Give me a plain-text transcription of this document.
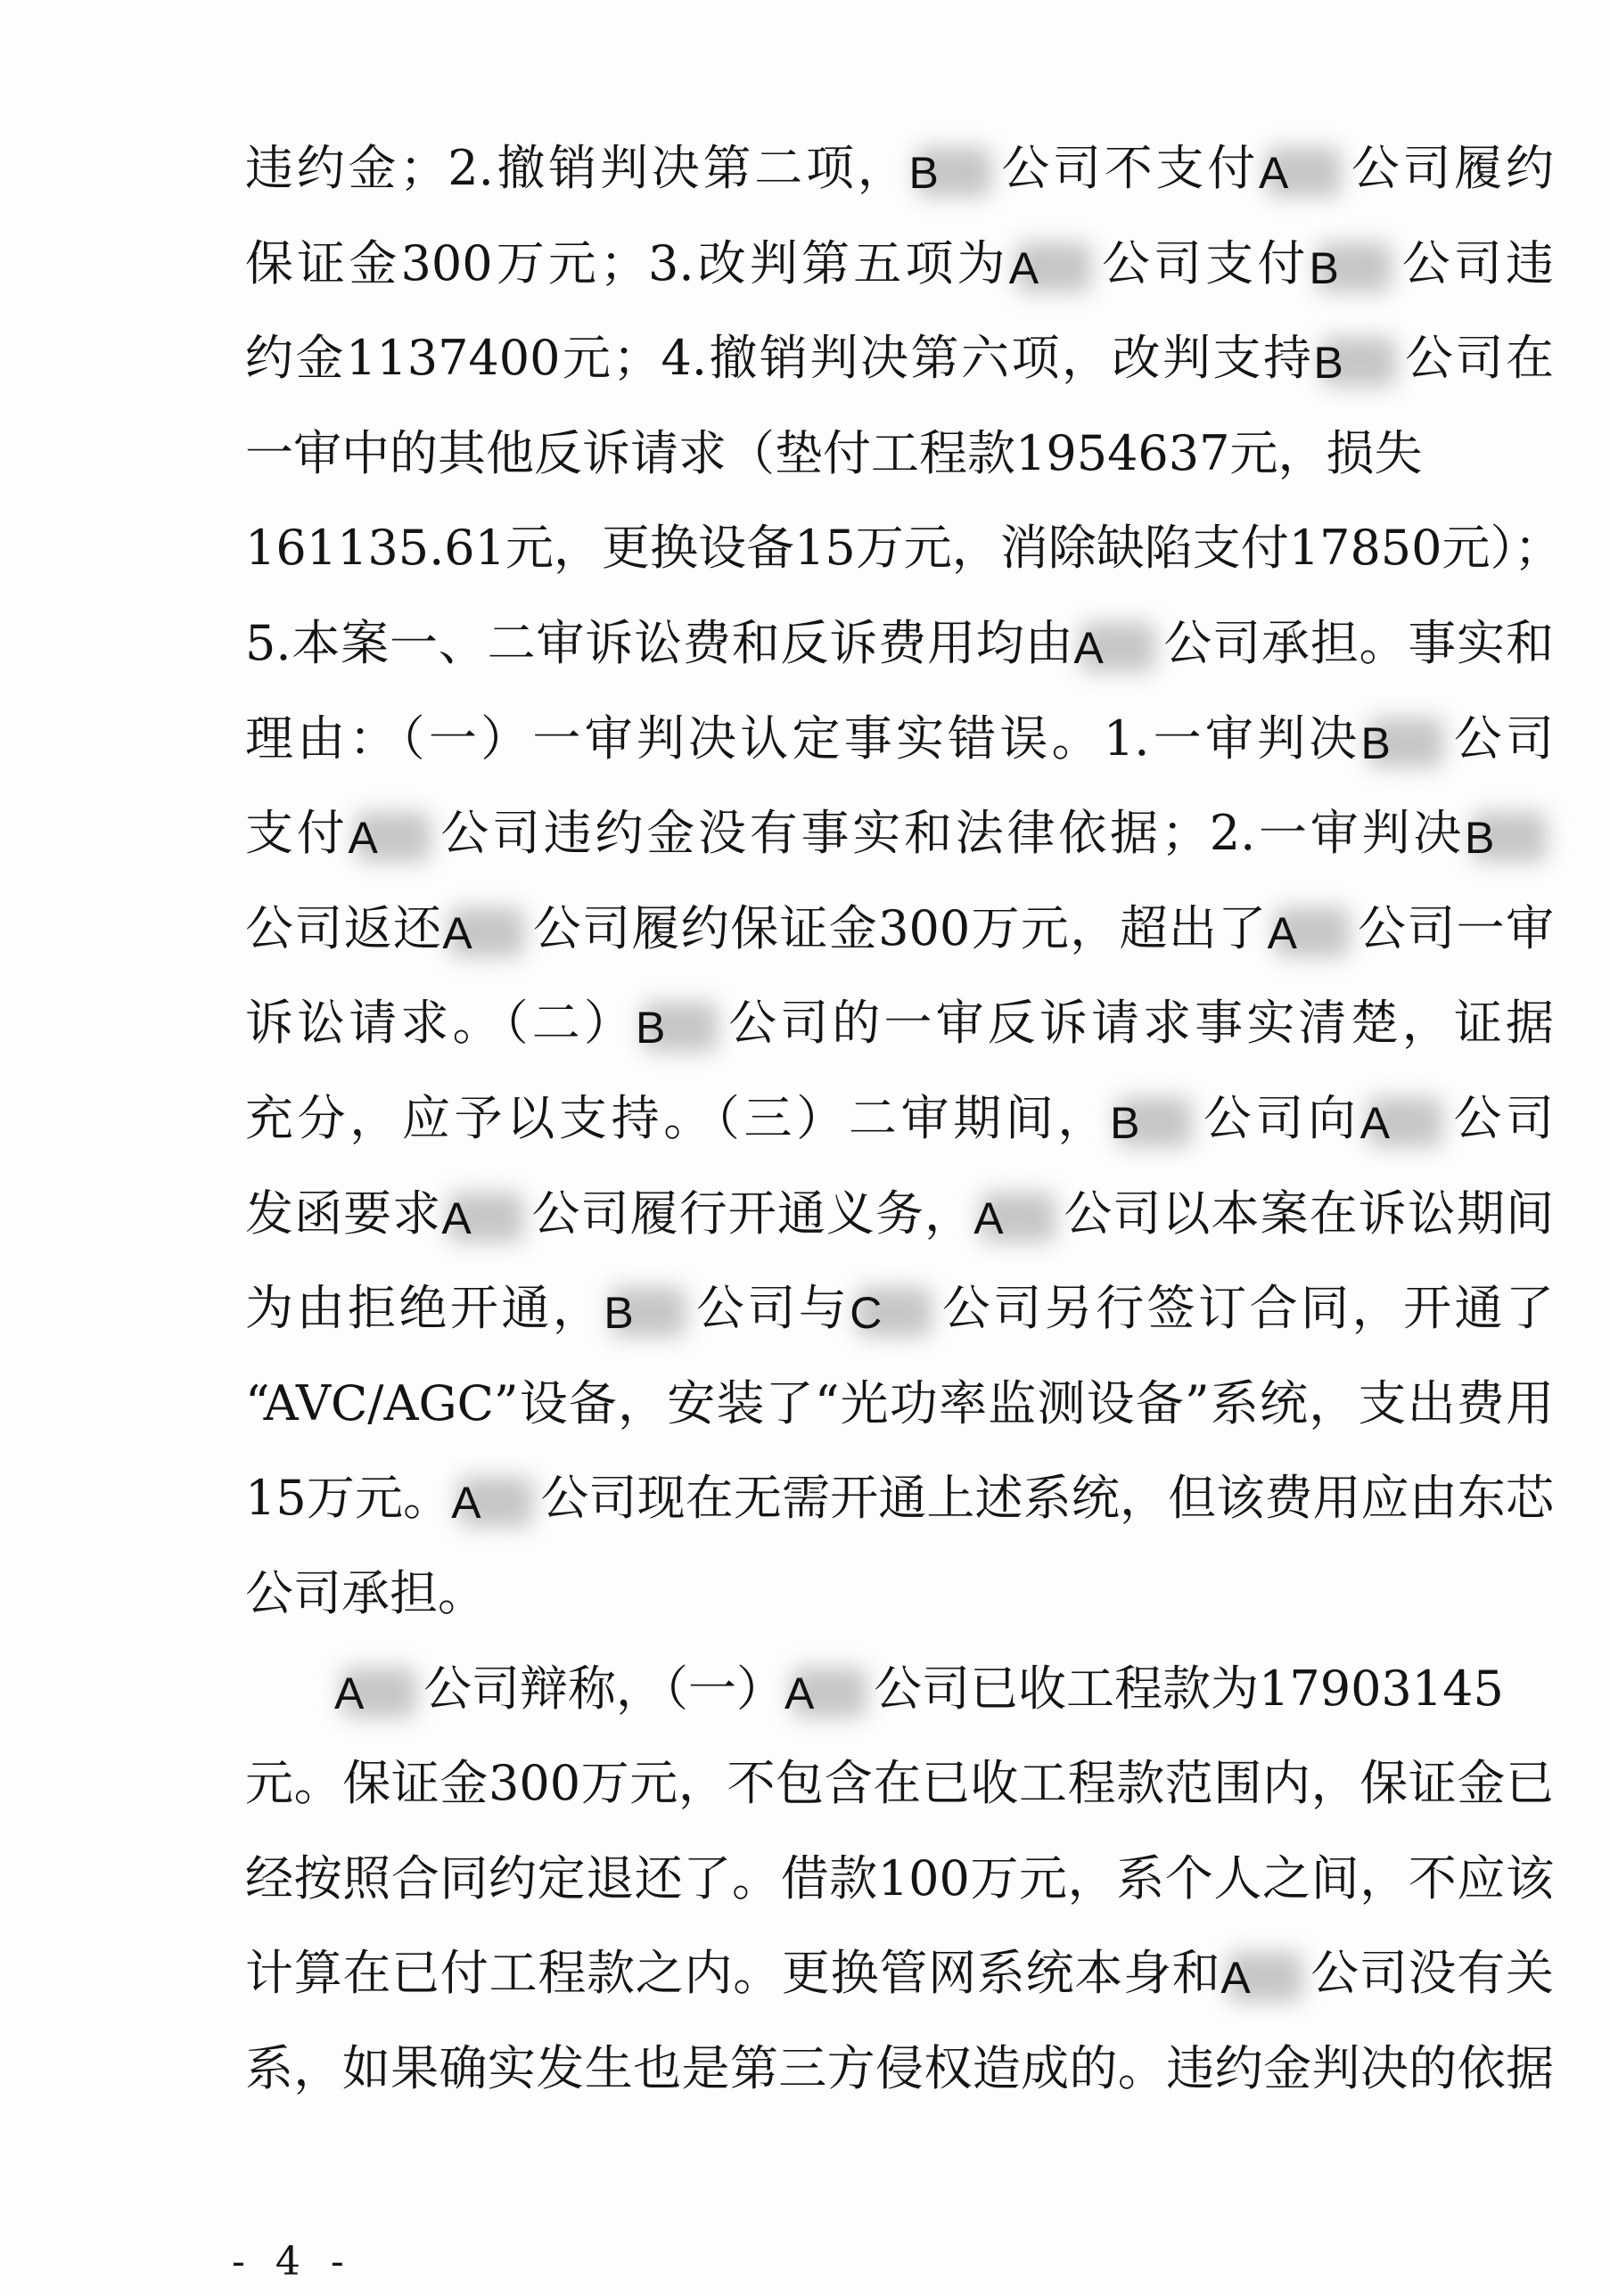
违约金；2.撤销判决第二项，
B 公司不支付
A 公司履约
保证金300万元；3.改判第五项为
A 公司支付
B 公司违
约金1137400元；4.撤销判决第六项，改判支持
B 公司在
一审中的其他反诉请求（垫付工程款1954637元，损失
161135.61元，更换设备15万元，消除缺陷支付17850元）；
5.本案一、二审诉讼费和反诉费用均由
A 公司承担。事实和
理由：（一）一审判决认定事实错误。1.一审判决
B 公司
支付
A 公司违约金没有事实和法律依据；2.一审判决
B
公司返还
A 公司履约保证金300万元，超出了
A 公司一审
诉讼请求。（二）
B 公司的一审反诉请求事实清楚，证据
充分，应予以支持。（三）二审期间，
B 公司向
A 公司
发函要求
A 公司履行开通义务，
A 公司以本案在诉讼期间
为由拒绝开通，
B 公司与
C 公司另行签订合同，开通了
“AVC/AGC”设备，安装了“光功率监测设备”系统，支出费用
15万元。
A 公司现在无需开通上述系统，但该费用应由东芯
公司承担。
A 公司辩称，（一）
A 公司已收工程款为17903145
元。保证金300万元，不包含在已收工程款范围内，保证金已
经按照合同约定退还了。借款100万元，系个人之间，不应该
计算在已付工程款之内。更换管网系统本身和
A 公司没有关
系，如果确实发生也是第三方侵权造成的。违约金判决的依据
- 4 -
